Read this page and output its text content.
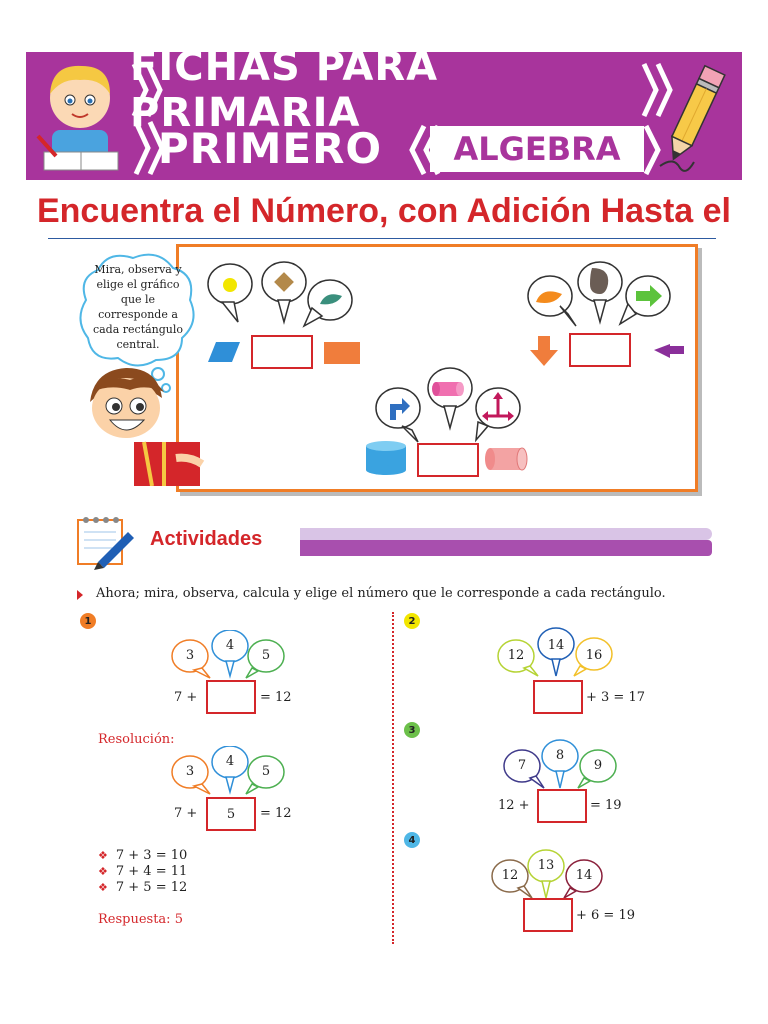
FICHAS PARA PRIMARIA
PRIMERO	ALGEBRA
Encuentra el Número, con Adición Hasta el
Mira, observa y elige el gráfico que le corresponde a cada rectángulo central.
Actividades
Ahora; mira, observa, calcula y elige el número que le corresponde a cada rectángulo.
1	2
3
4
3
4
5
7 +	= 12
Resolución:
3
4
5
7 +	5	= 12
❖ 7 + 3 = 10
❖ 7 + 4 = 11
❖ 7 + 5 = 12
Respuesta: 5
12
14
16
+ 3 = 17
7
8
9
12 +	= 19
12
13
14
+ 6 = 19
